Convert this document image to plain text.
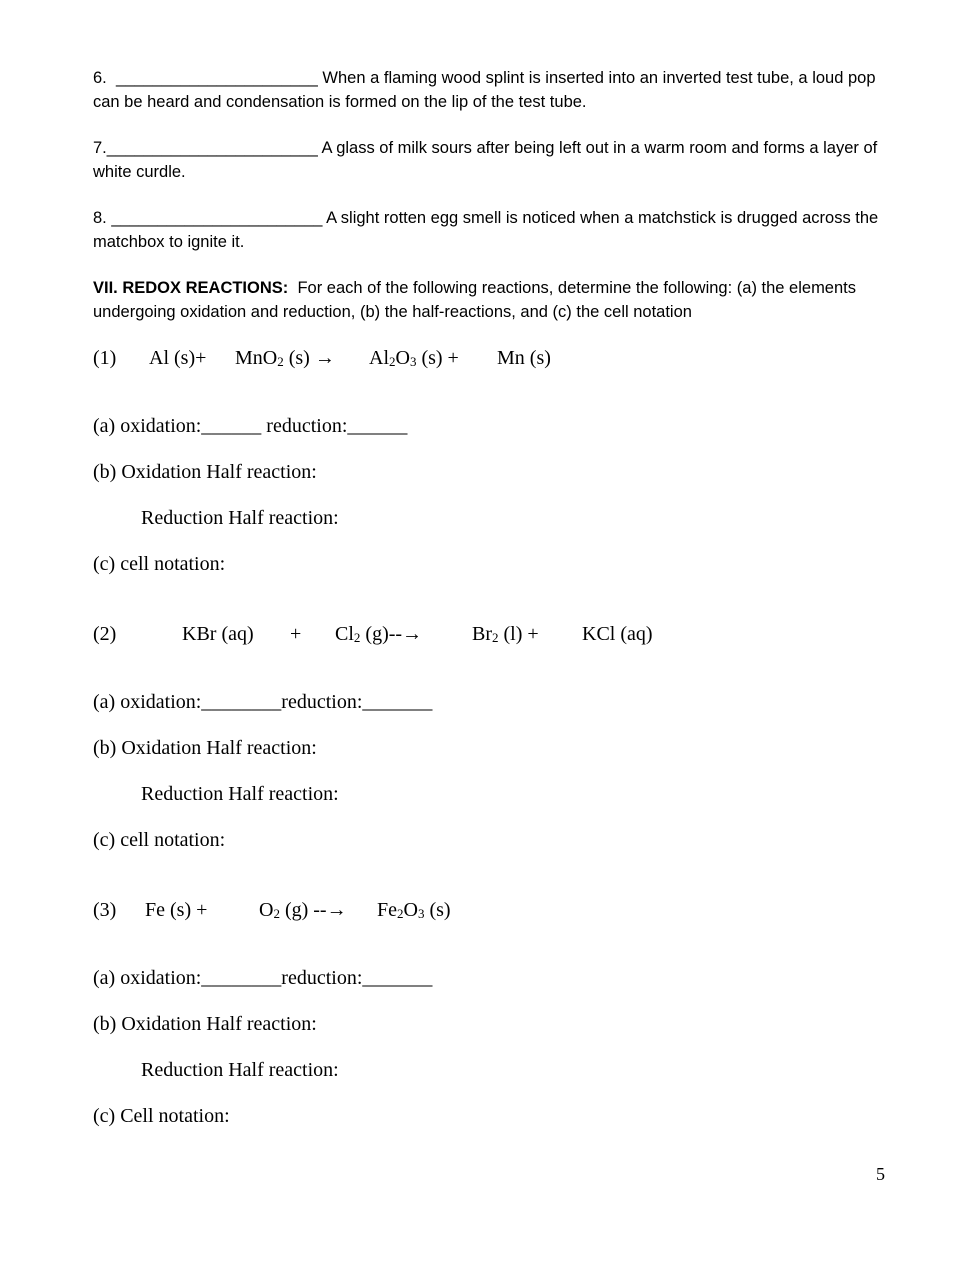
6. ______________________ When a flaming wood splint is inserted into an inverted test tube, a loud pop can be heard and condensation is formed on the lip of the test tube.

7._______________________ A glass of milk sours after being left out in a warm room and forms a layer of white curdle.

8. _______________________ A slight rotten egg smell is noticed when a matchstick is drugged across the matchbox to ignite it.

VII. REDOX REACTIONS: For each of the following reactions, determine the following: (a) the elements undergoing oxidation and reduction, (b) the half-reactions, and (c) the cell notation

(1) Al (s)+ MnO$_2$ $(s) \to Al_2O_3$ (s) + Mn (s)
(a) oxidation:______ reduction:______
(b) Oxidation Half reaction:
Reduction Half reaction:
(c) cell notation:
(2)	KBr $(aq) + Cl_2$ $(g)--\to Br_2$ (l) + KCl (aq)
(a) oxidation:________reduction:_______
(b) Oxidation Half reaction:
Reduction Half reaction:
(c) cell notation:
(3) Fe (s) +	$O_2$ (g) --→ $Fe_2O_3$ (s)
(a) oxidation:________reduction:_______
(b) Oxidation Half reaction:
Reduction Half reaction:
(c) Cell notation:
5
